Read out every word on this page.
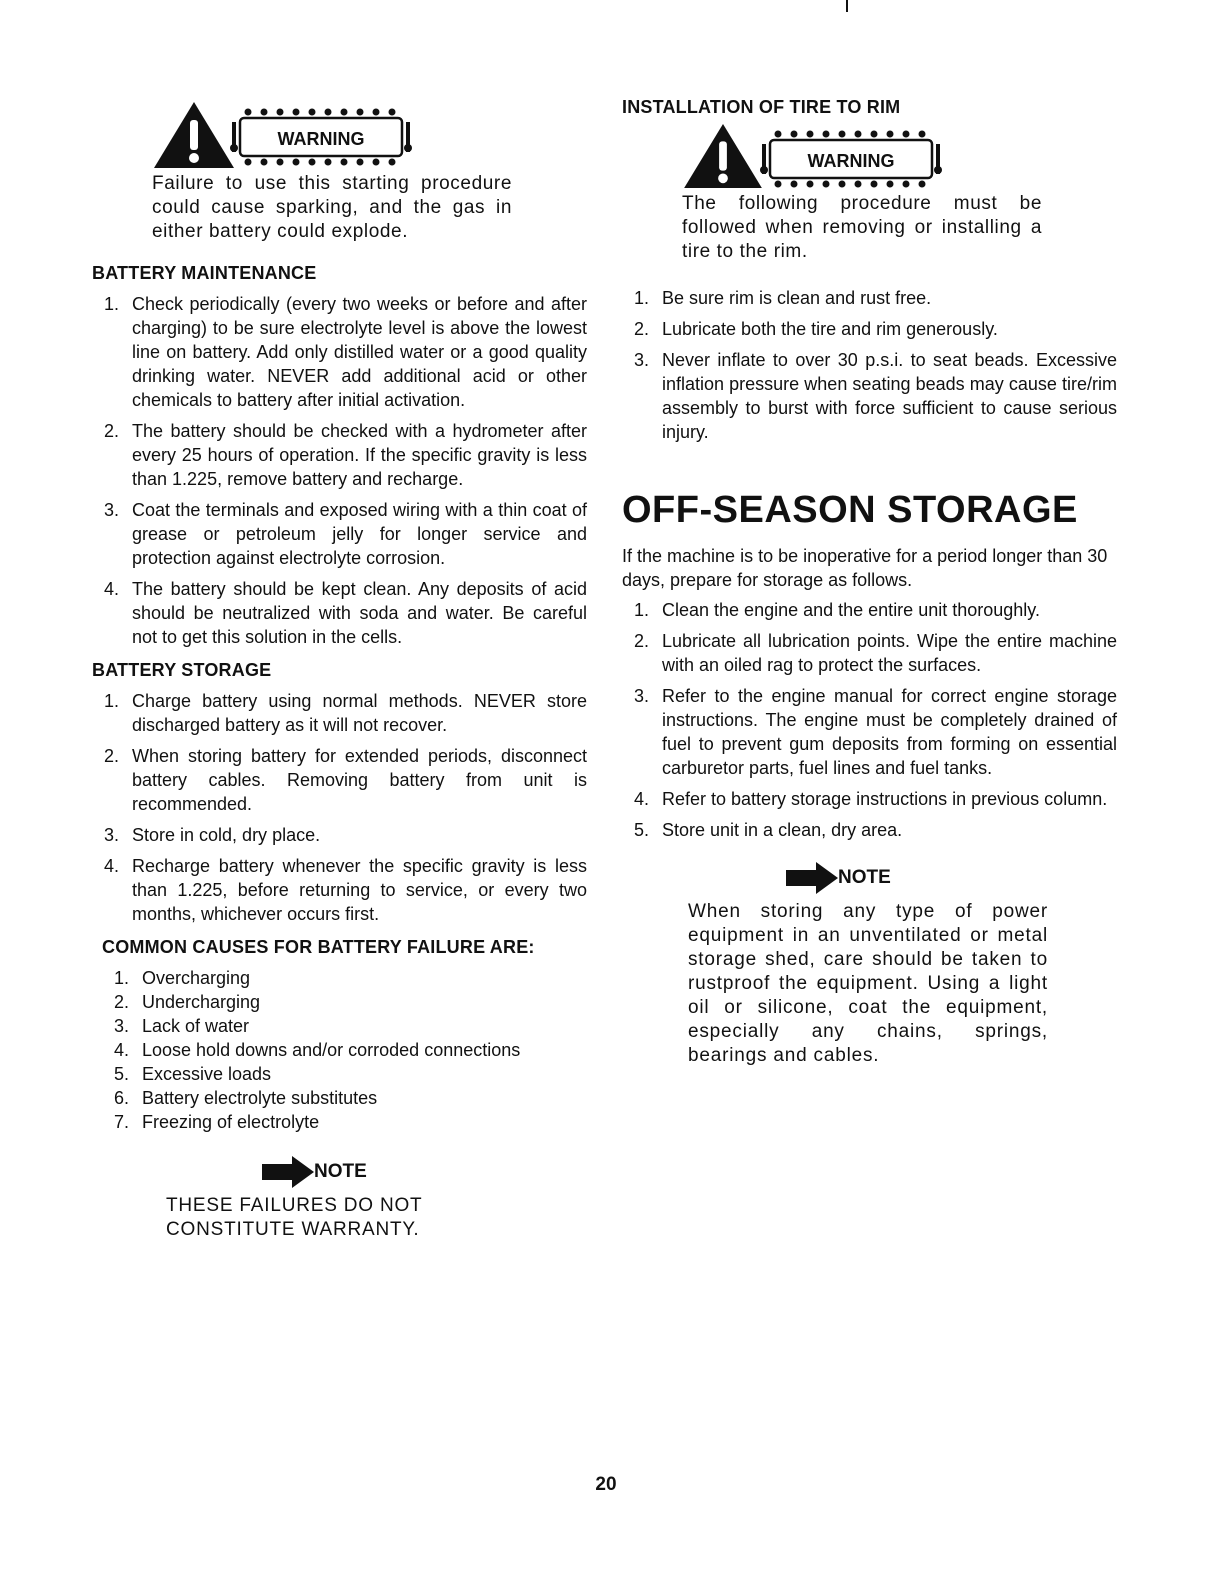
WARNING
Failure to use this starting procedure could cause sparking, and the gas in either battery could explode.
BATTERY MAINTENANCE
1. Check periodically (every two weeks or before and after charging) to be sure electrolyte level is above the lowest line on battery. Add only distilled water or a good quality drinking water. NEVER add additional acid or other chemicals to battery after initial activation.
2. The battery should be checked with a hydrometer after every 25 hours of operation. If the specific gravity is less than 1.225, remove battery and recharge.
3. Coat the terminals and exposed wiring with a thin coat of grease or petroleum jelly for longer service and protection against electrolyte corrosion.
4. The battery should be kept clean. Any deposits of acid should be neutralized with soda and water. Be careful not to get this solution in the cells.
BATTERY STORAGE
1. Charge battery using normal methods. NEVER store discharged battery as it will not recover.
2. When storing battery for extended periods, disconnect battery cables. Removing battery from unit is recommended.
3. Store in cold, dry place.
4. Recharge battery whenever the specific gravity is less than 1.225, before returning to service, or every two months, whichever occurs first.
COMMON CAUSES FOR BATTERY FAILURE ARE:
1. Overcharging
2. Undercharging
3. Lack of water
4. Loose hold downs and/or corroded connections
5. Excessive loads
6. Battery electrolyte substitutes
7. Freezing of electrolyte
NOTE
THESE FAILURES DO NOT CONSTITUTE WARRANTY.
INSTALLATION OF TIRE TO RIM
WARNING
The following procedure must be followed when removing or installing a tire to the rim.
1. Be sure rim is clean and rust free.
2. Lubricate both the tire and rim generously.
3. Never inflate to over 30 p.s.i. to seat beads. Excessive inflation pressure when seating beads may cause tire/rim assembly to burst with force sufficient to cause serious injury.
OFF-SEASON STORAGE

If the machine is to be inoperative for a period longer than 30 days, prepare for storage as follows.

1. Clean the engine and the entire unit thoroughly.
2. Lubricate all lubrication points. Wipe the entire machine with an oiled rag to protect the surfaces.
3. Refer to the engine manual for correct engine storage instructions. The engine must be completely drained of fuel to prevent gum deposits from forming on essential carburetor parts, fuel lines and fuel tanks.
4. Refer to battery storage instructions in previous column.
5. Store unit in a clean, dry area.
NOTE
When storing any type of power equipment in an unventilated or metal storage shed, care should be taken to rustproof the equipment. Using a light oil or silicone, coat the equipment, especially any chains, springs, bearings and cables.
20
